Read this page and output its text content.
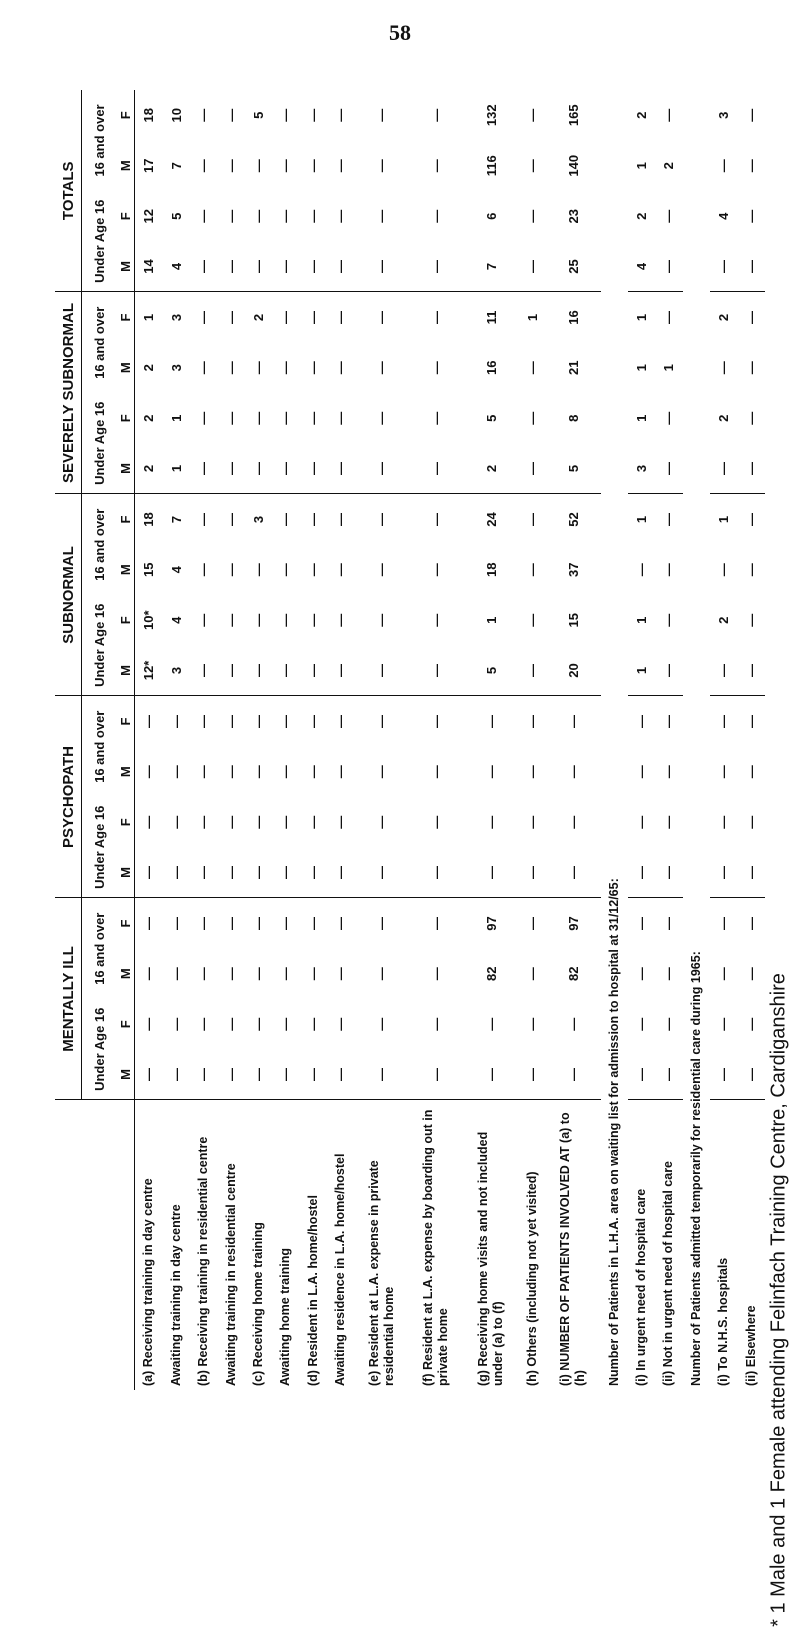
58
	MENTALLY ILL				PSYCHOPATH				SUBNORMAL				SEVERELY SUBNORMAL				TOTALS			
	Under Age 16		16 and over		Under Age 16		16 and over		Under Age 16		16 and over		Under Age 16		16 and over		Under Age 16		16 and over	
	M	F	M	F	M	F	M	F	M	F	M	F	M	F	M	F	M	F	M	F
(a) Receiving training in day centre	—	—	—	—	—	—	—	—	12*	10*	15	18	2	2	2	1	14	12	17	18
Awaiting training in day centre	—	—	—	—	—	—	—	—	3	4	4	7	1	1	3	3	4	5	7	10
(b) Receiving training in residential centre	—	—	—	—	—	—	—	—	—	—	—	—	—	—	—	—	—	—	—	—
Awaiting training in residential centre	—	—	—	—	—	—	—	—	—	—	—	—	—	—	—	—	—	—	—	—
(c) Receiving home training	—	—	—	—	—	—	—	—	—	—	—	3	—	—	—	2	—	—	—	5
Awaiting home training	—	—	—	—	—	—	—	—	—	—	—	—	—	—	—	—	—	—	—	—
(d) Resident in L.A. home/hostel	—	—	—	—	—	—	—	—	—	—	—	—	—	—	—	—	—	—	—	—
Awaiting residence in L.A. home/hostel	—	—	—	—	—	—	—	—	—	—	—	—	—	—	—	—	—	—	—	—
(e) Resident at L.A. expense in private residential home	—	—	—	—	—	—	—	—	—	—	—	—	—	—	—	—	—	—	—	—
(f) Resident at L.A. expense by boarding out in private home	—	—	—	—	—	—	—	—	—	—	—	—	—	—	—	—	—	—	—	—
(g) Receiving home visits and not included under (a) to (f)	—	—	82	97	—	—	—	—	5	1	18	24	2	5	16	11	7	6	116	132
(h) Others (including not yet visited)	—	—	—	—	—	—	—	—	—	—	—	—	—	—	—	1	—	—	—	—
(i) NUMBER OF PATIENTS INVOLVED AT (a) to (h)	—	—	82	97	—	—	—	—	20	15	37	52	5	8	21	16	25	23	140	165
Number of Patients in L.H.A. area on waiting list for admission to hospital at 31/12/65:																				
(i) In urgent need of hospital care	—	—	—	—	—	—	—	—	1	1	—	1	3	1	1	1	4	2	1	2
(ii) Not in urgent need of hospital care	—	—	—	—	—	—	—	—	—	—	—	—	—	—	1	—	—	—	2	—
Number of Patients admitted temporarily for residential care during 1965:																				
(i) To N.H.S. hospitals	—	—	—	—	—	—	—	—	—	2	—	1	—	2	—	2	—	4	—	3
(ii) Elsewhere	—	—	—	—	—	—	—	—	—	—	—	—	—	—	—	—	—	—	—	—
* 1 Male and 1 Female attending Felinfach Training Centre, Cardiganshire
